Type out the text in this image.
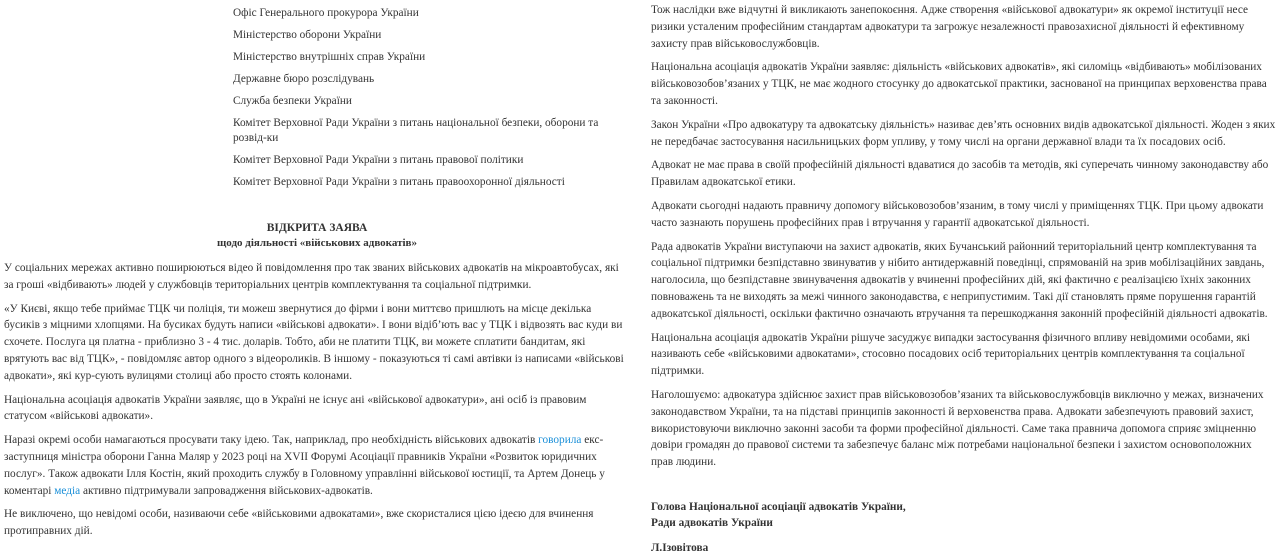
Офіс Генерального прокурора України
Міністерство оборони України
Міністерство внутрішніх справ України
Державне бюро розслідувань
Служба безпеки України
Комітет Верховної Ради України з питань національної безпеки, оборони та розвід-ки
Комітет Верховної Ради України з питань правової політики
Комітет Верховної Ради України з питань правоохоронної діяльності
ВІДКРИТА ЗАЯВА
щодо діяльності «військових адвокатів»

У соціальних мережах активно поширюються відео й повідомлення про так званих військових адвокатів на мікроавтобусах, які за гроші «відбивають» людей у службовців територіальних центрів комплектування та соціальної підтримки.

«У Києві, якщо тебе приймає ТЦК чи поліція, ти можеш звернутися до фірми і вони миттєво пришлють на місце декілька бусиків з міцними хлопцями. На бусиках будуть написи «військові адвокати». І вони відіб’ють вас у ТЦК і відвозять вас куди ви схочете. Послуга ця платна - приблизно 3 - 4 тис. доларів. Тобто, аби не платити ТЦК, ви можете сплатити бандитам, які врятують вас від ТЦК», - повідомляє автор одного з відеороликів. В іншому - показуються ті самі автівки із написами «військові адвокати», які кур-сують вулицями столиці або просто стоять колонами.

Національна асоціація адвокатів України заявляє, що в Україні не існує ані «військової адвокатури», ані осіб із правовим статусом «військові адвокати».

Наразі окремі особи намагаються просувати таку ідею. Так, наприклад, про необхідність військових адвокатів говорила екс-заступниця міністра оборони Ганна Маляр у 2023 році на XVII Форумі Асоціації правників України «Розвиток юридичних послуг». Також адвокати Ілля Костін, який проходить службу в Головному управлінні військової юстиції, та Артем Донець у коментарі медіа активно підтримували запровадження військових-адвокатів.

Не виключено, що невідомі особи, називаючи себе «військовими адвокатами», вже скористалися цією ідеєю для вчинення протиправних дій.

Тож наслідки вже відчутні й викликають занепокоєння. Адже створення «військової адвокатури» як окремої інституції несе ризики усталеним професійним стандартам адвокатури та загрожує незалежності правозахисної діяльності й ефективному захисту прав військовослужбовців.

Національна асоціація адвокатів України заявляє: діяльність «військових адвокатів», які силоміць «відбивають» мобілізованих військовозобов’язаних у ТЦК, не має жодного стосунку до адвокатської практики, заснованої на принципах верховенства права та законності.

Закон України «Про адвокатуру та адвокатську діяльність» називає дев’ять основних видів адвокатської діяльності. Жоден з яких не передбачає застосування насильницьких форм упливу, у тому числі на органи державної влади та їх посадових осіб.

Адвокат не має права в своїй професійній діяльності вдаватися до засобів та методів, які суперечать чинному законодавству або Правилам адвокатської етики.

Адвокати сьогодні надають правничу допомогу військовозобов’язаним, в тому числі у приміщеннях ТЦК. При цьому адвокати часто зазнають порушень професійних прав і втручання у гарантії адвокатської діяльності.

Рада адвокатів України виступаючи на захист адвокатів, яких Бучанський районний територіальний центр комплектування та соціальної підтримки безпідставно звинуватив у нібито антидержавній поведінці, спрямованій на зрив мобілізаційних завдань, наголосила, що безпідставне звинувачення адвокатів у вчиненні професійних дій, які фактично є реалізацією їхніх законних повноважень та не виходять за межі чинного законодавства, є неприпустимим. Такі дії становлять пряме порушення гарантій адвокатської діяльності, оскільки фактично означають втручання та перешкоджання законній професійній діяльності адвокатів.

Національна асоціація адвокатів України рішуче засуджує випадки застосування фізичного впливу невідомими особами, які називають себе «військовими адвокатами», стосовно посадових осіб територіальних центрів комплектування та соціальної підтримки.

Наголошуємо: адвокатура здійснює захист прав військовозобов’язаних та військовослужбовців виключно у межах, визначених законодавством України, та на підставі принципів законності й верховенства права. Адвокати забезпечують правовий захист, використовуючи виключно законні засоби та форми професійної діяльності. Саме така правнича допомога сприяє зміцненню довіри громадян до правової системи та забезпечує баланс між потребами національної безпеки і захистом основоположних прав людини.

Голова Національної асоціації адвокатів України,
Ради адвокатів України
Л.Ізовітова
